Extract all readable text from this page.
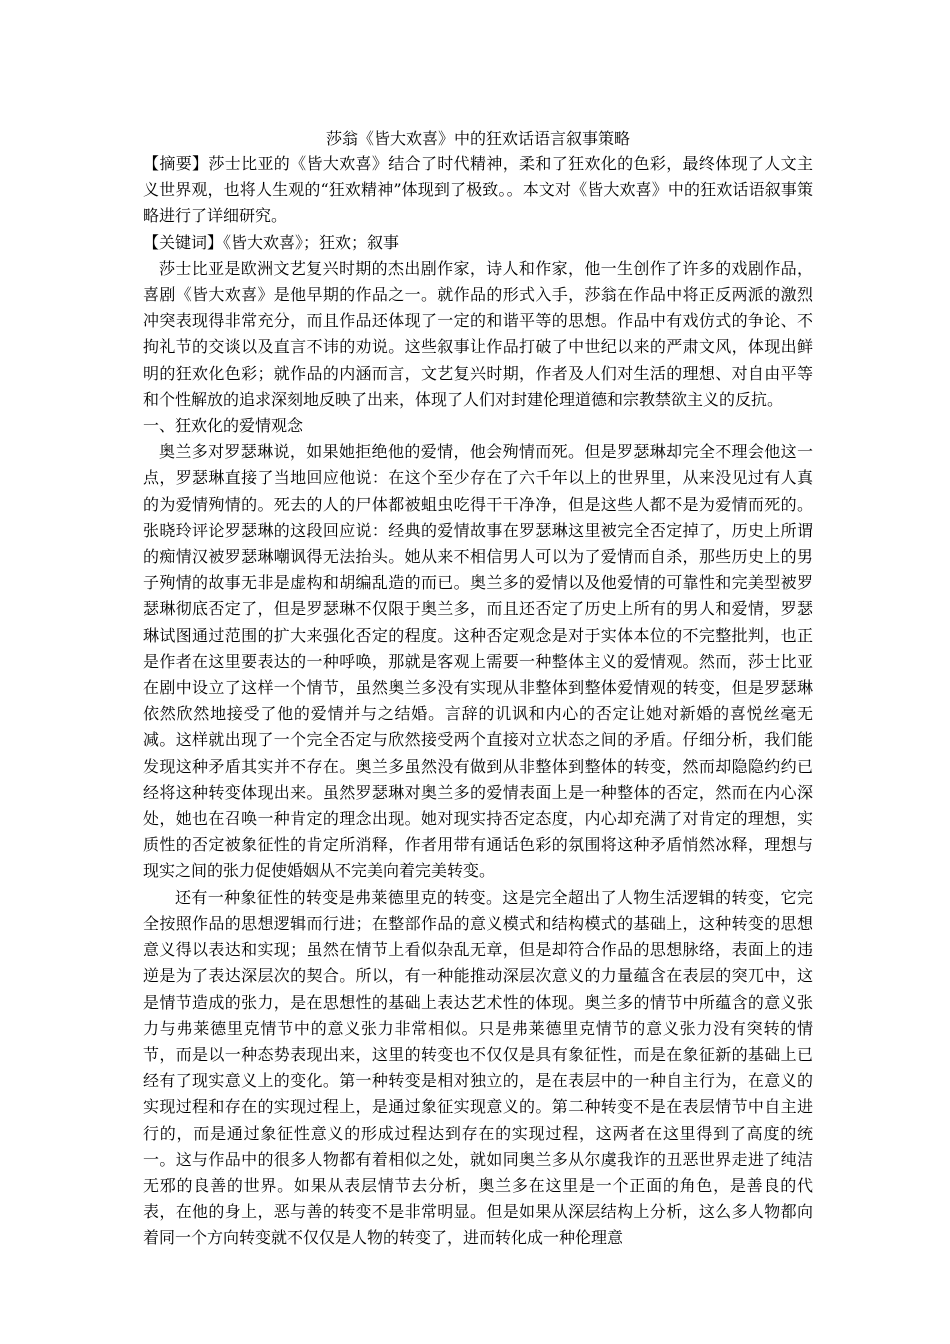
莎翁《皆大欢喜》中的狂欢话语言叙事策略

【摘要】莎士比亚的《皆大欢喜》结合了时代精神，柔和了狂欢化的色彩，最终体现了人文主义世界观，也将人生观的“狂欢精神”体现到了极致。。本文对《皆大欢喜》中的狂欢话语叙事策略进行了详细研究。

【关键词】《皆大欢喜》；狂欢；叙事

莎士比亚是欧洲文艺复兴时期的杰出剧作家，诗人和作家，他一生创作了许多的戏剧作品，喜剧《皆大欢喜》是他早期的作品之一。就作品的形式入手，莎翁在作品中将正反两派的激烈冲突表现得非常充分，而且作品还体现了一定的和谐平等的思想。作品中有戏仿式的争论、不拘礼节的交谈以及直言不讳的劝说。这些叙事让作品打破了中世纪以来的严肃文风，体现出鲜明的狂欢化色彩；就作品的内涵而言，文艺复兴时期，作者及人们对生活的理想、对自由平等和个性解放的追求深刻地反映了出来，体现了人们对封建伦理道德和宗教禁欲主义的反抗。

一、狂欢化的爱情观念

奥兰多对罗瑟琳说，如果她拒绝他的爱情，他会殉情而死。但是罗瑟琳却完全不理会他这一点，罗瑟琳直接了当地回应他说：在这个至少存在了六千年以上的世界里，从来没见过有人真的为爱情殉情的。死去的人的尸体都被蛆虫吃得干干净净，但是这些人都不是为爱情而死的。张晓玲评论罗瑟琳的这段回应说：经典的爱情故事在罗瑟琳这里被完全否定掉了，历史上所谓的痴情汉被罗瑟琳嘲讽得无法抬头。她从来不相信男人可以为了爱情而自杀，那些历史上的男子殉情的故事无非是虚构和胡编乱造的而已。奥兰多的爱情以及他爱情的可靠性和完美型被罗瑟琳彻底否定了，但是罗瑟琳不仅限于奥兰多，而且还否定了历史上所有的男人和爱情，罗瑟琳试图通过范围的扩大来强化否定的程度。这种否定观念是对于实体本位的不完整批判，也正是作者在这里要表达的一种呼唤，那就是客观上需要一种整体主义的爱情观。然而，莎士比亚在剧中设立了这样一个情节，虽然奥兰多没有实现从非整体到整体爱情观的转变，但是罗瑟琳依然欣然地接受了他的爱情并与之结婚。言辞的讥讽和内心的否定让她对新婚的喜悦丝毫无减。这样就出现了一个完全否定与欣然接受两个直接对立状态之间的矛盾。仔细分析，我们能发现这种矛盾其实并不存在。奥兰多虽然没有做到从非整体到整体的转变，然而却隐隐约约已经将这种转变体现出来。虽然罗瑟琳对奥兰多的爱情表面上是一种整体的否定，然而在内心深处，她也在召唤一种肯定的理念出现。她对现实持否定态度，内心却充满了对肯定的理想，实质性的否定被象征性的肯定所消释，作者用带有通话色彩的氛围将这种矛盾悄然冰释，理想与现实之间的张力促使婚姻从不完美向着完美转变。

还有一种象征性的转变是弗莱德里克的转变。这是完全超出了人物生活逻辑的转变，它完全按照作品的思想逻辑而行进；在整部作品的意义模式和结构模式的基础上，这种转变的思想意义得以表达和实现；虽然在情节上看似杂乱无章，但是却符合作品的思想脉络，表面上的违逆是为了表达深层次的契合。所以，有一种能推动深层次意义的力量蕴含在表层的突兀中，这是情节造成的张力，是在思想性的基础上表达艺术性的体现。奥兰多的情节中所蕴含的意义张力与弗莱德里克情节中的意义张力非常相似。只是弗莱德里克情节的意义张力没有突转的情节，而是以一种态势表现出来，这里的转变也不仅仅是具有象征性，而是在象征新的基础上已经有了现实意义上的变化。第一种转变是相对独立的，是在表层中的一种自主行为，在意义的实现过程和存在的实现过程上，是通过象征实现意义的。第二种转变不是在表层情节中自主进行的，而是通过象征性意义的形成过程达到存在的实现过程，这两者在这里得到了高度的统一。这与作品中的很多人物都有着相似之处，就如同奥兰多从尔虞我诈的丑恶世界走进了纯洁无邪的良善的世界。如果从表层情节去分析，奥兰多在这里是一个正面的角色，是善良的代表，在他的身上，恶与善的转变不是非常明显。但是如果从深层结构上分析，这么多人物都向着同一个方向转变就不仅仅是人物的转变了，进而转化成一种伦理意
